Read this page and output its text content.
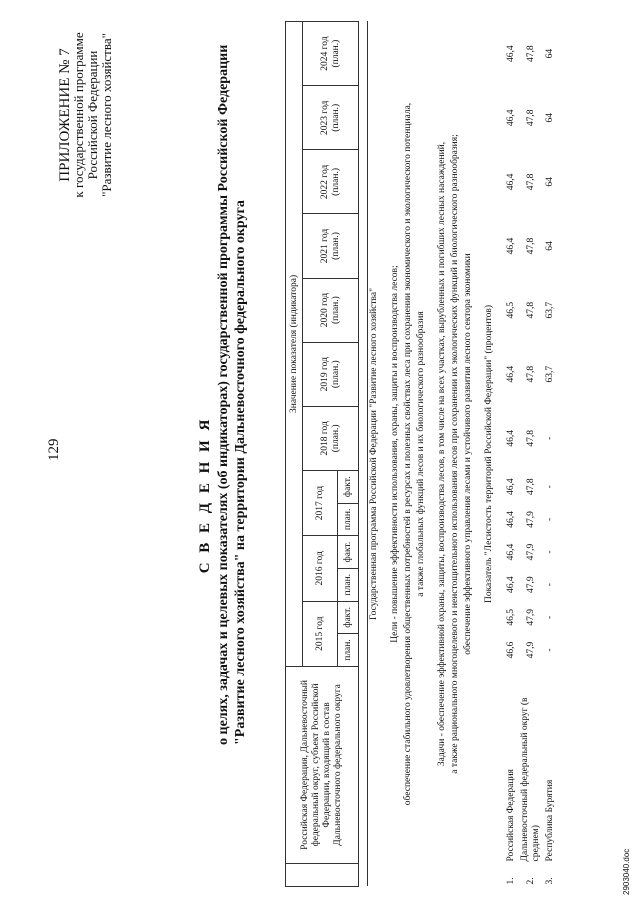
129
ПРИЛОЖЕНИЕ № 7
к государственной программе Российской Федерации "Развитие лесного хозяйства"
С В Е Д Е Н И Я о целях, задачах и целевых показателях (об индикаторах) государственной программы Российской Федерации "Развитие лесного хозяйства" на территории Дальневосточного федерального округа
	Российская Федерация, Дальневосточный федеральный округ, субъект Российской Федерации, входящий в состав Дальневосточного федерального округа	Значение показателя (индикатора)												
		2015 год		2016 год		2017 год		2018 год (план.)	2019 год (план.)	2020 год (план.)	2021 год (план.)	2022 год (план.)	2023 год (план.)	2024 год (план.)
		план.	факт.	план.	факт.	план.	факт.							

Государственная программа Российской Федерации "Развитие лесного хозяйства"														

Цели - повышение эффективности использования, охраны, защиты и воспроизводства лесов;														
обеспечение стабильного удовлетворения общественных потребностей в ресурсах и полезных свойствах леса при сохранении экономического и экологического потенциала,														
а также глобальных функций лесов и их биологического разнообразия														

Задачи - обеспечение эффективной охраны, защиты, воспроизводства лесов, в том числе на всех участках, вырубленных и погибших лесных насаждений,														
а также рационального многоцелевого и неистощительного использования лесов при сохранении их экологических функций и биологического разнообразия;														
обеспечение эффективного управления лесами и устойчивого развития лесного сектора экономики														

Показатель "Лесистость территорий Российской Федерации" (процентов)														

1.	Российская Федерация	46,6	46,5	46,4	46,4	46,4	46,4	46,4	46,4	46,5	46,4	46,4	46,4	46,4
2.	Дальневосточный федеральный округ (в среднем)	47,9	47,9	47,9	47,9	47,9	47,8	47,8	47,8	47,8	47,8	47,8	47,8	47,8
3.	Республика Бурятия	-	-	-	-	-	-	-	63,7	63,7	64	64	64	64
2903040.doc
